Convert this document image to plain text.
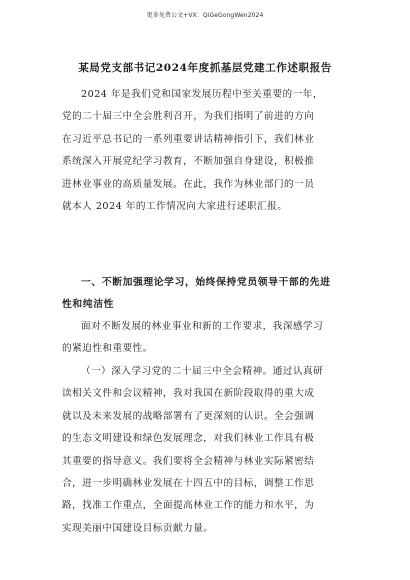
更多免费公文+VX：QiGeGongWen2024
某局党支部书记2024年度抓基层党建工作述职报告
2024 年是我们党和国家发展历程中至关重要的一年，
党的二十届三中全会胜利召开，为我们指明了前进的方向
在习近平总书记的一系列重要讲话精神指引下，我们林业
系统深入开展党纪学习教育，不断加强自身建设，积极推
进林业事业的高质量发展。在此，我作为林业部门的一员
就本人 2024 年的工作情况向大家进行述职汇报。
一、不断加强理论学习，始终保持党员领导干部的先进
性和纯洁性
面对不断发展的林业事业和新的工作要求，我深感学习
的紧迫性和重要性。
（一）深入学习党的二十届三中全会精神。通过认真研
读相关文件和会议精神，我对我国在新阶段取得的重大成
就以及未来发展的战略部署有了更深刻的认识。全会强调
的生态文明建设和绿色发展理念，对我们林业工作具有极
其重要的指导意义。我们要将全会精神与林业实际紧密结
合，进一步明确林业发展在十四五中的目标，调整工作思
路，找准工作重点，全面提高林业工作的能力和水平，为
实现美丽中国建设目标贡献力量。
